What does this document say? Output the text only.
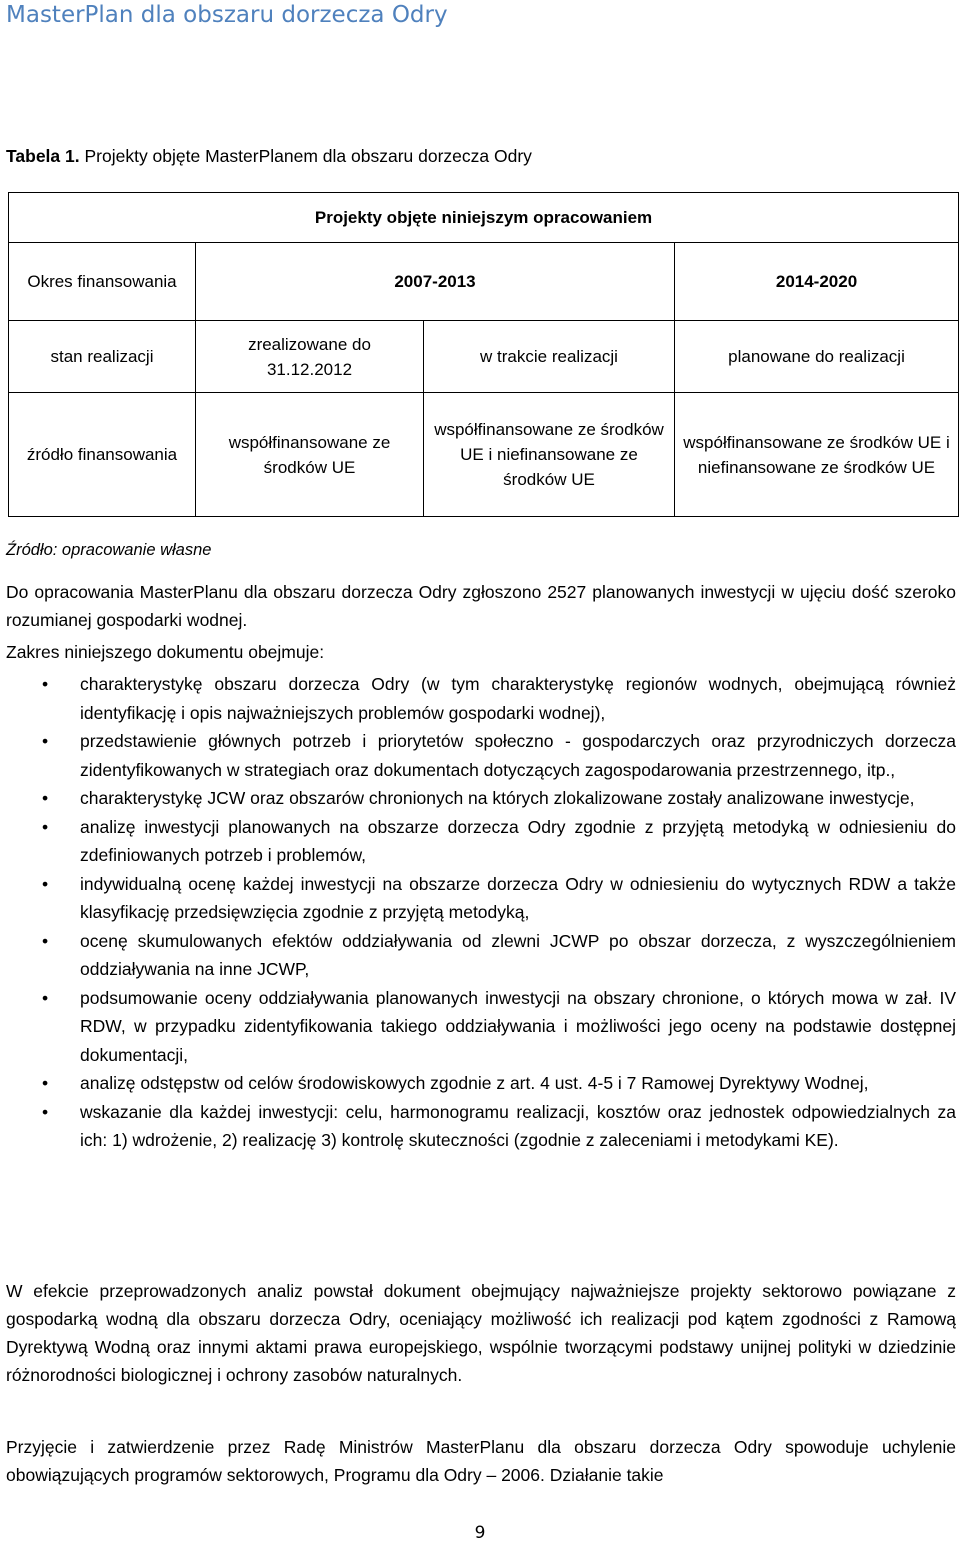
MasterPlan dla obszaru dorzecza Odry
Tabela 1. Projekty objęte MasterPlanem dla obszaru dorzecza Odry
Projekty objęte niniejszym opracowaniem			
Okres finansowania	2007-2013		2014-2020
stan realizacji	zrealizowane do 31.12.2012	w trakcie realizacji	planowane do realizacji
źródło finansowania	współfinansowane ze środków UE	współfinansowane ze środków UE i niefinansowane ze środków UE	współfinansowane ze środków UE i niefinansowane ze środków UE
Źródło: opracowanie własne
Do opracowania MasterPlanu dla obszaru dorzecza Odry zgłoszono 2527 planowanych inwestycji w ujęciu dość szeroko rozumianej gospodarki wodnej.
Zakres niniejszego dokumentu obejmuje:
• charakterystykę obszaru dorzecza Odry (w tym charakterystykę regionów wodnych, obejmującą również identyfikację i opis najważniejszych problemów gospodarki wodnej),
• przedstawienie głównych potrzeb i priorytetów społeczno - gospodarczych oraz przyrodniczych dorzecza zidentyfikowanych w strategiach oraz dokumentach dotyczących zagospodarowania przestrzennego, itp.,
• charakterystykę JCW oraz obszarów chronionych na których zlokalizowane zostały analizowane inwestycje,
• analizę inwestycji planowanych na obszarze dorzecza Odry zgodnie z przyjętą metodyką w odniesieniu do zdefiniowanych potrzeb i problemów,
• indywidualną ocenę każdej inwestycji na obszarze dorzecza Odry w odniesieniu do wytycznych RDW a także klasyfikację przedsięwzięcia zgodnie z przyjętą metodyką,
• ocenę skumulowanych efektów oddziaływania od zlewni JCWP po obszar dorzecza, z wyszczególnieniem oddziaływania na inne JCWP,
• podsumowanie oceny oddziaływania planowanych inwestycji na obszary chronione, o których mowa w zał. IV RDW, w przypadku zidentyfikowania takiego oddziaływania i możliwości jego oceny na podstawie dostępnej dokumentacji,
• analizę odstępstw od celów środowiskowych zgodnie z art. 4 ust. 4-5 i 7 Ramowej Dyrektywy Wodnej,
• wskazanie dla każdej inwestycji: celu, harmonogramu realizacji, kosztów oraz jednostek odpowiedzialnych za ich: 1) wdrożenie, 2) realizację 3) kontrolę skuteczności (zgodnie z zaleceniami i metodykami KE).
W efekcie przeprowadzonych analiz powstał dokument obejmujący najważniejsze projekty sektorowo powiązane z gospodarką wodną dla obszaru dorzecza Odry, oceniający możliwość ich realizacji pod kątem zgodności z Ramową Dyrektywą Wodną oraz innymi aktami prawa europejskiego, wspólnie tworzącymi podstawy unijnej polityki w dziedzinie różnorodności biologicznej i ochrony zasobów naturalnych.
Przyjęcie i zatwierdzenie przez Radę Ministrów MasterPlanu dla obszaru dorzecza Odry spowoduje uchylenie obowiązujących programów sektorowych, Programu dla Odry – 2006. Działanie takie
9
